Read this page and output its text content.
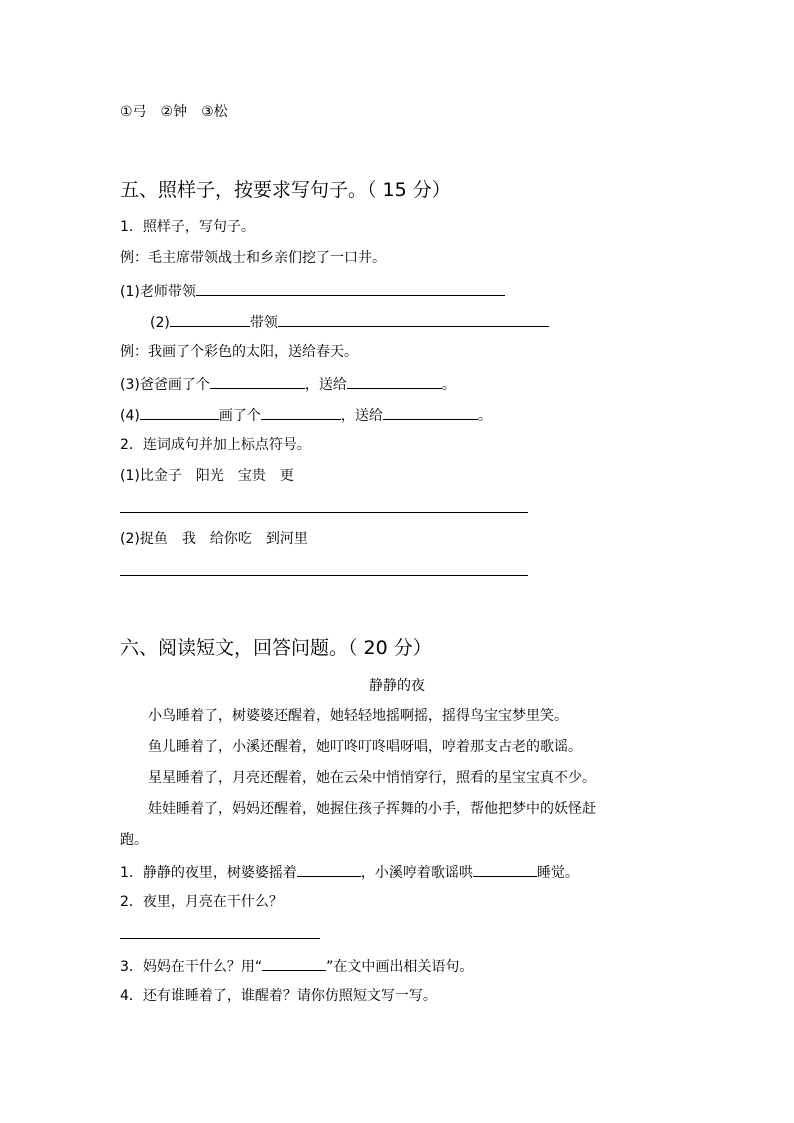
①弓　②钟　③松
五、照样子，按要求写句子。（ 15 分）
1．照样子，写句子。
例：毛主席带领战士和乡亲们挖了一口井。
(1)老师带领
(2)	带领
例：我画了个彩色的太阳，送给春天。
(3)爸爸画了个	，送给	。
(4)	画了个	，送给	。
2．连词成句并加上标点符号。
(1)比金子　阳光　宝贵　更
(2)捉鱼　我　给你吃　到河里
六、阅读短文，回答问题。（ 20 分）
静静的夜
小鸟睡着了，树婆婆还醒着，她轻轻地摇啊摇，摇得鸟宝宝梦里笑。
鱼儿睡着了，小溪还醒着，她叮咚叮咚唱呀唱，哼着那支古老的歌谣。
星星睡着了，月亮还醒着，她在云朵中悄悄穿行，照看的星宝宝真不少。
娃娃睡着了，妈妈还醒着，她握住孩子挥舞的小手，帮他把梦中的妖怪赶
跑。
1．静静的夜里，树婆婆摇着	，小溪哼着歌谣哄	睡觉。
2．夜里，月亮在干什么？
3．妈妈在干什么？用“	”在文中画出相关语句。
4．还有谁睡着了，谁醒着？请你仿照短文写一写。
